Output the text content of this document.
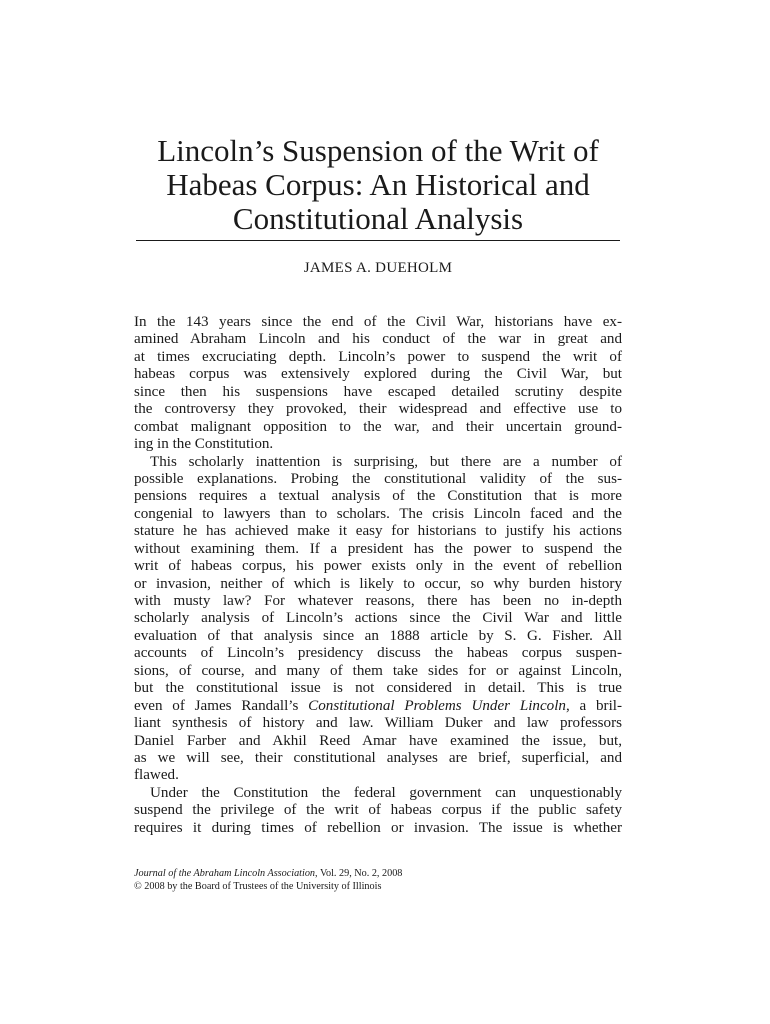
Lincoln’s Suspension of the Writ of
Habeas Corpus: An Historical and
Constitutional Analysis
JAMES A. DUEHOLM
In the 143 years since the end of the Civil War, historians have ex-
amined Abraham Lincoln and his conduct of the war in great and
at times excruciating depth. Lincoln’s power to suspend the writ of
habeas corpus was extensively explored during the Civil War, but
since then his suspensions have escaped detailed scrutiny despite
the controversy they provoked, their widespread and effective use to
combat malignant opposition to the war, and their uncertain ground-
ing in the Constitution.
This scholarly inattention is surprising, but there are a number of
possible explanations. Probing the constitutional validity of the sus-
pensions requires a textual analysis of the Constitution that is more
congenial to lawyers than to scholars. The crisis Lincoln faced and the
stature he has achieved make it easy for historians to justify his actions
without examining them. If a president has the power to suspend the
writ of habeas corpus, his power exists only in the event of rebellion
or invasion, neither of which is likely to occur, so why burden history
with musty law? For whatever reasons, there has been no in-depth
scholarly analysis of Lincoln’s actions since the Civil War and little
evaluation of that analysis since an 1888 article by S. G. Fisher. All
accounts of Lincoln’s presidency discuss the habeas corpus suspen-
sions, of course, and many of them take sides for or against Lincoln,
but the constitutional issue is not considered in detail. This is true
even of James Randall’s Constitutional Problems Under Lincoln, a bril-
liant synthesis of history and law. William Duker and law professors
Daniel Farber and Akhil Reed Amar have examined the issue, but,
as we will see, their constitutional analyses are brief, superficial, and
flawed.
Under the Constitution the federal government can unquestionably
suspend the privilege of the writ of habeas corpus if the public safety
requires it during times of rebellion or invasion. The issue is whether
Journal of the Abraham Lincoln Association, Vol. 29, No. 2, 2008
© 2008 by the Board of Trustees of the University of Illinois
